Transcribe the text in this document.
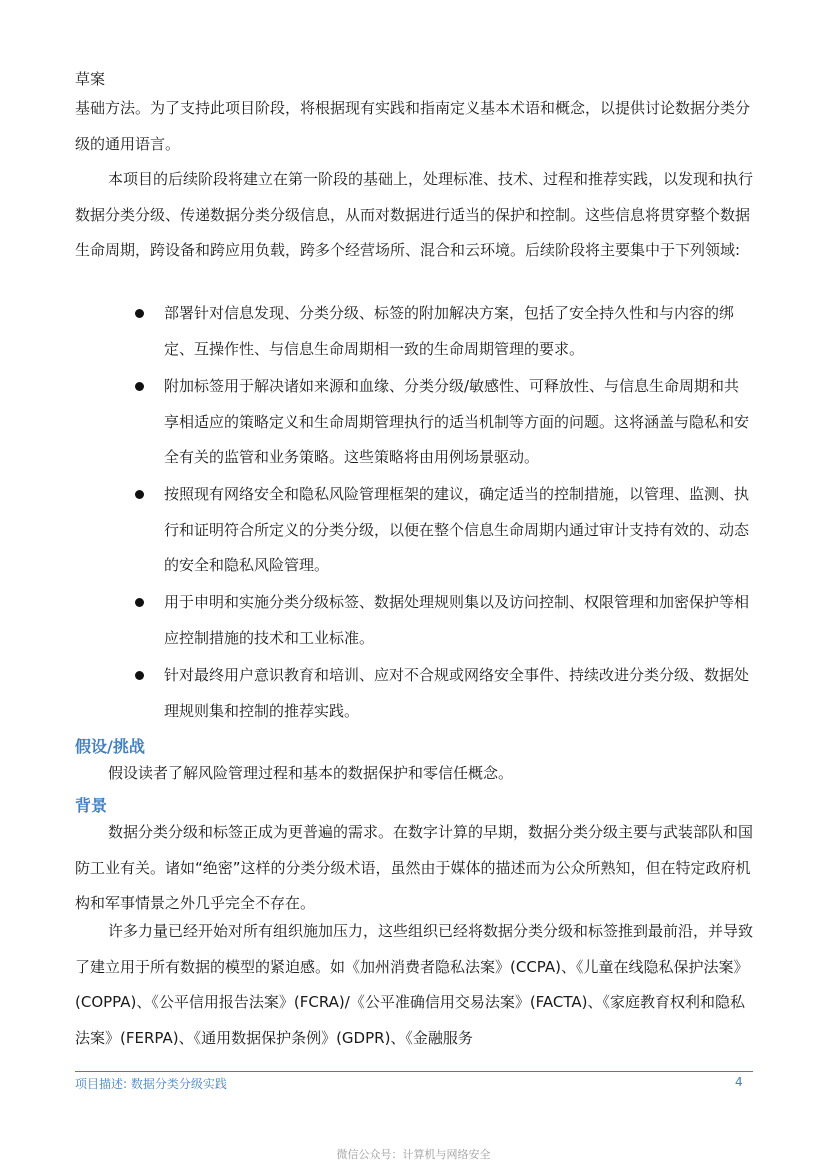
草案

基础方法。为了支持此项目阶段，将根据现有实践和指南定义基本术语和概念，以提供讨论数据分类分级的通用语言。

本项目的后续阶段将建立在第一阶段的基础上，处理标准、技术、过程和推荐实践，以发现和执行数据分类分级、传递数据分类分级信息，从而对数据进行适当的保护和控制。这些信息将贯穿整个数据生命周期，跨设备和跨应用负载，跨多个经营场所、混合和云环境。后续阶段将主要集中于下列领域:

部署针对信息发现、分类分级、标签的附加解决方案，包括了安全持久性和与内容的绑定、互操作性、与信息生命周期相一致的生命周期管理的要求。
附加标签用于解决诸如来源和血缘、分类分级/敏感性、可释放性、与信息生命周期和共享相适应的策略定义和生命周期管理执行的适当机制等方面的问题。这将涵盖与隐私和安全有关的监管和业务策略。这些策略将由用例场景驱动。
按照现有网络安全和隐私风险管理框架的建议，确定适当的控制措施，以管理、监测、执行和证明符合所定义的分类分级，以便在整个信息生命周期内通过审计支持有效的、动态的安全和隐私风险管理。
用于申明和实施分类分级标签、数据处理规则集以及访问控制、权限管理和加密保护等相应控制措施的技术和工业标准。
针对最终用户意识教育和培训、应对不合规或网络安全事件、持续改进分类分级、数据处理规则集和控制的推荐实践。
假设/挑战

假设读者了解风险管理过程和基本的数据保护和零信任概念。

背景

数据分类分级和标签正成为更普遍的需求。在数字计算的早期，数据分类分级主要与武装部队和国防工业有关。诸如“绝密”这样的分类分级术语，虽然由于媒体的描述而为公众所熟知，但在特定政府机构和军事情景之外几乎完全不存在。

许多力量已经开始对所有组织施加压力，这些组织已经将数据分类分级和标签推到最前沿，并导致了建立用于所有数据的模型的紧迫感。如《加州消费者隐私法案》(CCPA)、《儿童在线隐私保护法案》(COPPA)、《公平信用报告法案》(FCRA)/《公平准确信用交易法案》(FACTA)、《家庭教育权利和隐私法案》(FERPA)、《通用数据保护条例》(GDPR)、《金融服务

项目描述: 数据分类分级实践	4
微信公众号：计算机与网络安全
